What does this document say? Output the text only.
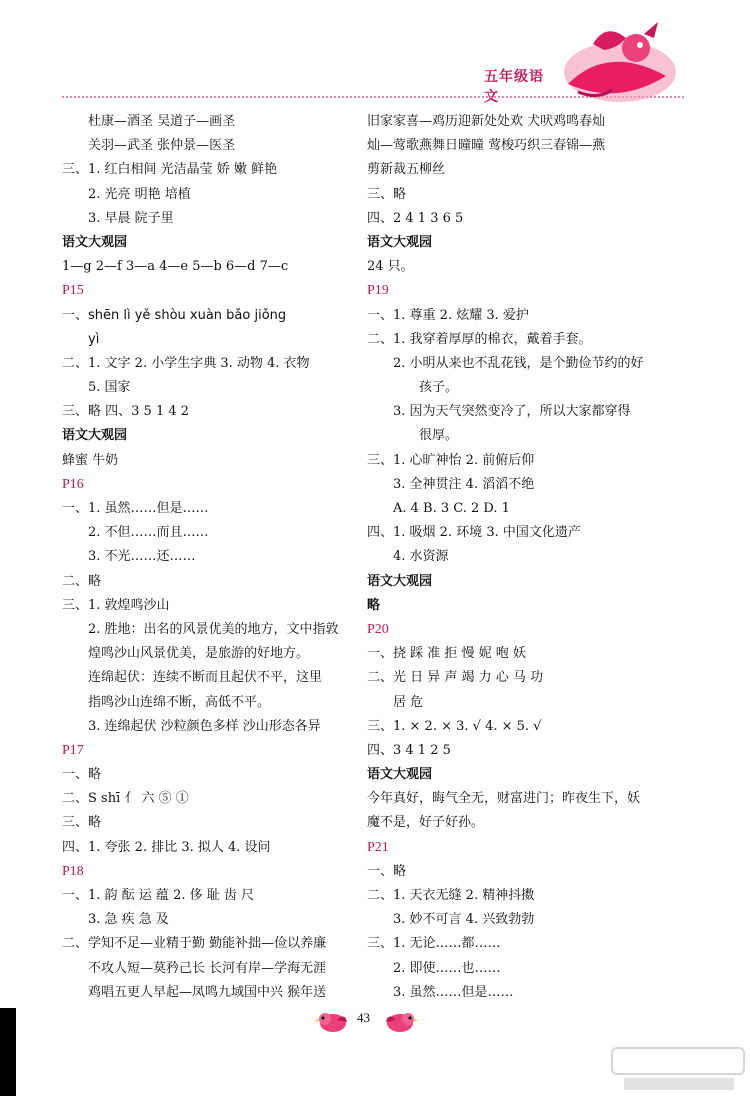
五年级语文
杜康—酒圣 吴道子—画圣
关羽—武圣 张仲景—医圣
三、1. 红白相间 光洁晶莹 娇 嫩 鲜艳
2. 光亮 明艳 培植
3. 早晨 院子里
语文大观园
1—g 2—f 3—a 4—e 5—b 6—d 7—c
P15
一、shēn lì yě shòu xuàn bǎo jiǒng
yì
二、1. 文字 2. 小学生字典 3. 动物 4. 衣物
5. 国家
三、略 四、3 5 1 4 2
语文大观园
蜂蜜 牛奶
P16
一、1. 虽然……但是……
2. 不但……而且……
3. 不光……还……
二、略
三、1. 敦煌鸣沙山
2. 胜地：出名的风景优美的地方，文中指敦
煌鸣沙山风景优美，是旅游的好地方。
连绵起伏：连续不断而且起伏不平，这里
指鸣沙山连绵不断，高低不平。
3. 连绵起伏 沙粒颜色多样 沙山形态各异
P17
一、略
二、S shī 亻 六 ⑤ ①
三、略
四、1. 夸张 2. 排比 3. 拟人 4. 设问
P18
一、1. 韵 酝 运 蕴 2. 侈 耻 齿 尺
3. 急 疾 急 及
二、学知不足—业精于勤 勤能补拙—俭以养廉
不攻人短—莫矜己长 长河有岸—学海无涯
鸡唱五更人早起—凤鸣九域国中兴 猴年送
旧家家喜—鸡历迎新处处欢 犬吠鸡鸣春灿
灿—莺歌燕舞日曈曈 莺梭巧织三春锦—燕
剪新裁五柳丝
三、略
四、2 4 1 3 6 5
语文大观园
24 只。
P19
一、1. 尊重 2. 炫耀 3. 爱护
二、1. 我穿着厚厚的棉衣，戴着手套。
2. 小明从来也不乱花钱，是个勤俭节约的好
孩子。
3. 因为天气突然变冷了，所以大家都穿得
很厚。
三、1. 心旷神怡 2. 前俯后仰
3. 全神贯注 4. 滔滔不绝
A. 4 B. 3 C. 2 D. 1
四、1. 吸烟 2. 环境 3. 中国文化遗产
4. 水资源
语文大观园
略
P20
一、挠 踩 准 拒 慢 妮 咆 妖
二、光 日 异 声 竭 力 心 马 功
居 危
三、1. × 2. × 3. √ 4. × 5. √
四、3 4 1 2 5
语文大观园
今年真好，晦气全无，财富进门；昨夜生下，妖
魔不是，好子好孙。
P21
一、略
二、1. 天衣无缝 2. 精神抖擞
3. 妙不可言 4. 兴致勃勃
三、1. 无论……都……
2. 即使……也……
3. 虽然……但是……
43
